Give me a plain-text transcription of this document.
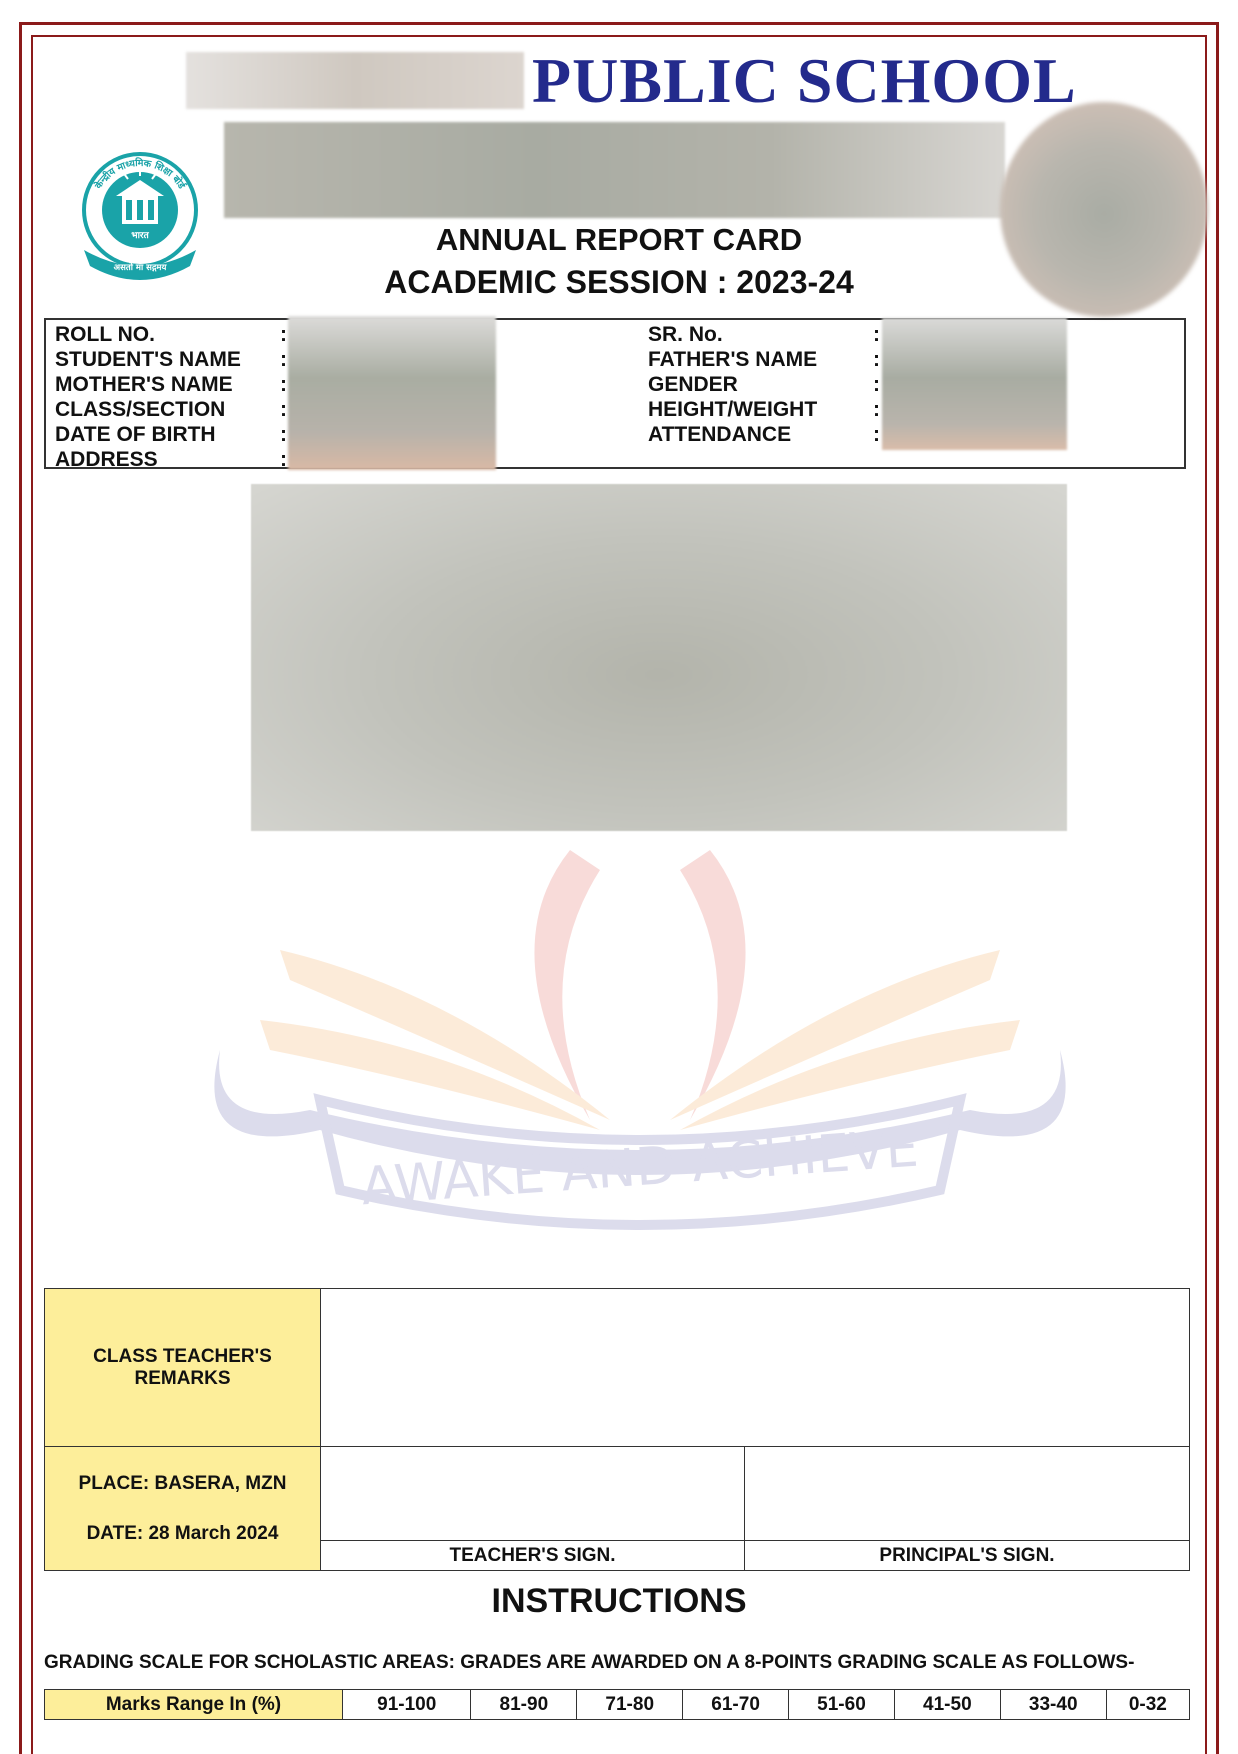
PUBLIC SCHOOL
केन्द्रीय माध्यमिक शिक्षा बोर्ड
भारत
असतो मा सद्गमय
ANNUAL REPORT CARD
ACADEMIC SESSION : 2023-24
ROLL NO.	:
STUDENT'S NAME	:
MOTHER'S NAME	:
CLASS/SECTION	:
DATE OF BIRTH	:
ADDRESS	:
SR. No.	:
FATHER'S NAME	:
GENDER	:
HEIGHT/WEIGHT	:
ATTENDANCE	:
AWAKE AND ACHIEVE
CLASS TEACHER'S REMARKS		

PLACE: BASERA, MZN
DATE: 28 March 2024		

	TEACHER'S SIGN.	PRINCIPAL'S SIGN.
INSTRUCTIONS
GRADING SCALE FOR SCHOLASTIC AREAS: GRADES ARE AWARDED ON A 8-POINTS GRADING SCALE AS FOLLOWS-
Marks Range In (%)	91-100	81-90	71-80	61-70	51-60	41-50	33-40	0-32
